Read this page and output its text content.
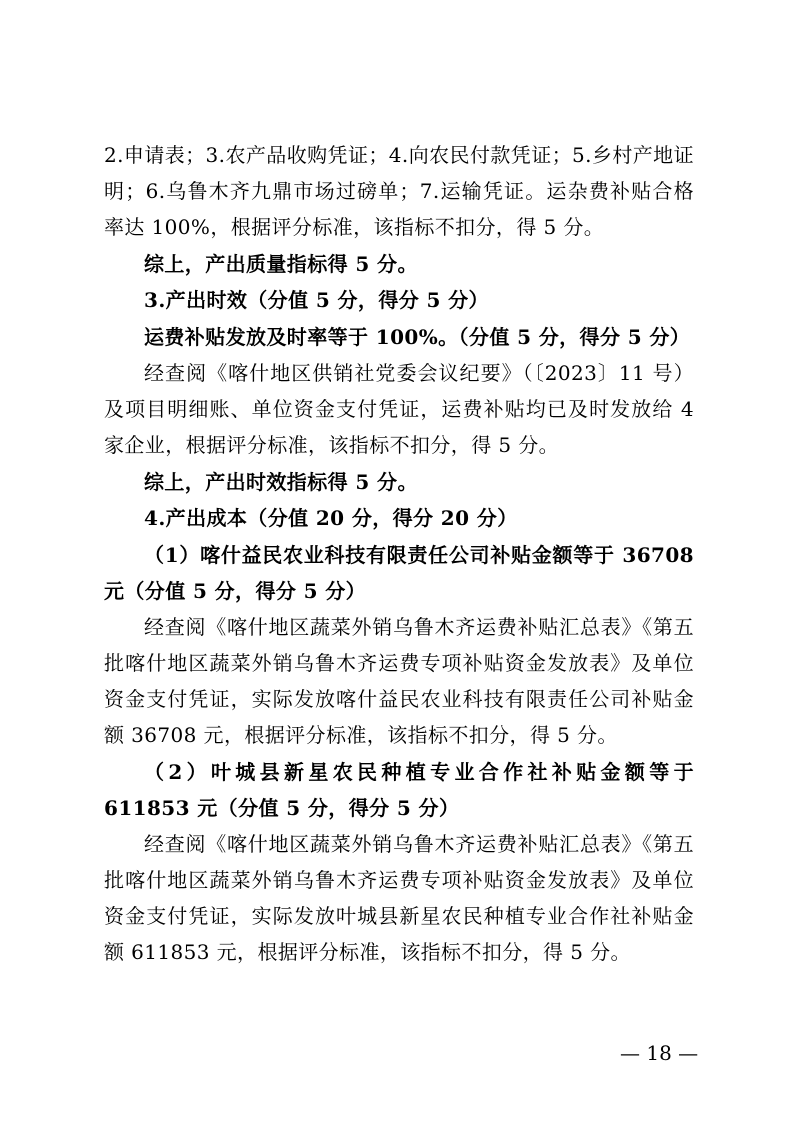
2.申请表；3.农产品收购凭证；4.向农民付款凭证；5.乡村产地证明；6.乌鲁木齐九鼎市场过磅单；7.运输凭证。运杂费补贴合格率达 100%，根据评分标准，该指标不扣分，得 5 分。

综上，产出质量指标得 5 分。

3.产出时效（分值 5 分，得分 5 分）

运费补贴发放及时率等于 100%。（分值 5 分，得分 5 分）

经查阅《喀什地区供销社党委会议纪要》（〔2023〕11 号）及项目明细账、单位资金支付凭证，运费补贴均已及时发放给 4 家企业，根据评分标准，该指标不扣分，得 5 分。

综上，产出时效指标得 5 分。

4.产出成本（分值 20 分，得分 20 分）

（1）喀什益民农业科技有限责任公司补贴金额等于 36708 元（分值 5 分，得分 5 分）

经查阅《喀什地区蔬菜外销乌鲁木齐运费补贴汇总表》《第五批喀什地区蔬菜外销乌鲁木齐运费专项补贴资金发放表》及单位资金支付凭证，实际发放喀什益民农业科技有限责任公司补贴金额 36708 元，根据评分标准，该指标不扣分，得 5 分。

（2）叶城县新星农民种植专业合作社补贴金额等于 611853 元（分值 5 分，得分 5 分）

经查阅《喀什地区蔬菜外销乌鲁木齐运费补贴汇总表》《第五批喀什地区蔬菜外销乌鲁木齐运费专项补贴资金发放表》及单位资金支付凭证，实际发放叶城县新星农民种植专业合作社补贴金额 611853 元，根据评分标准，该指标不扣分，得 5 分。

— 18 —
